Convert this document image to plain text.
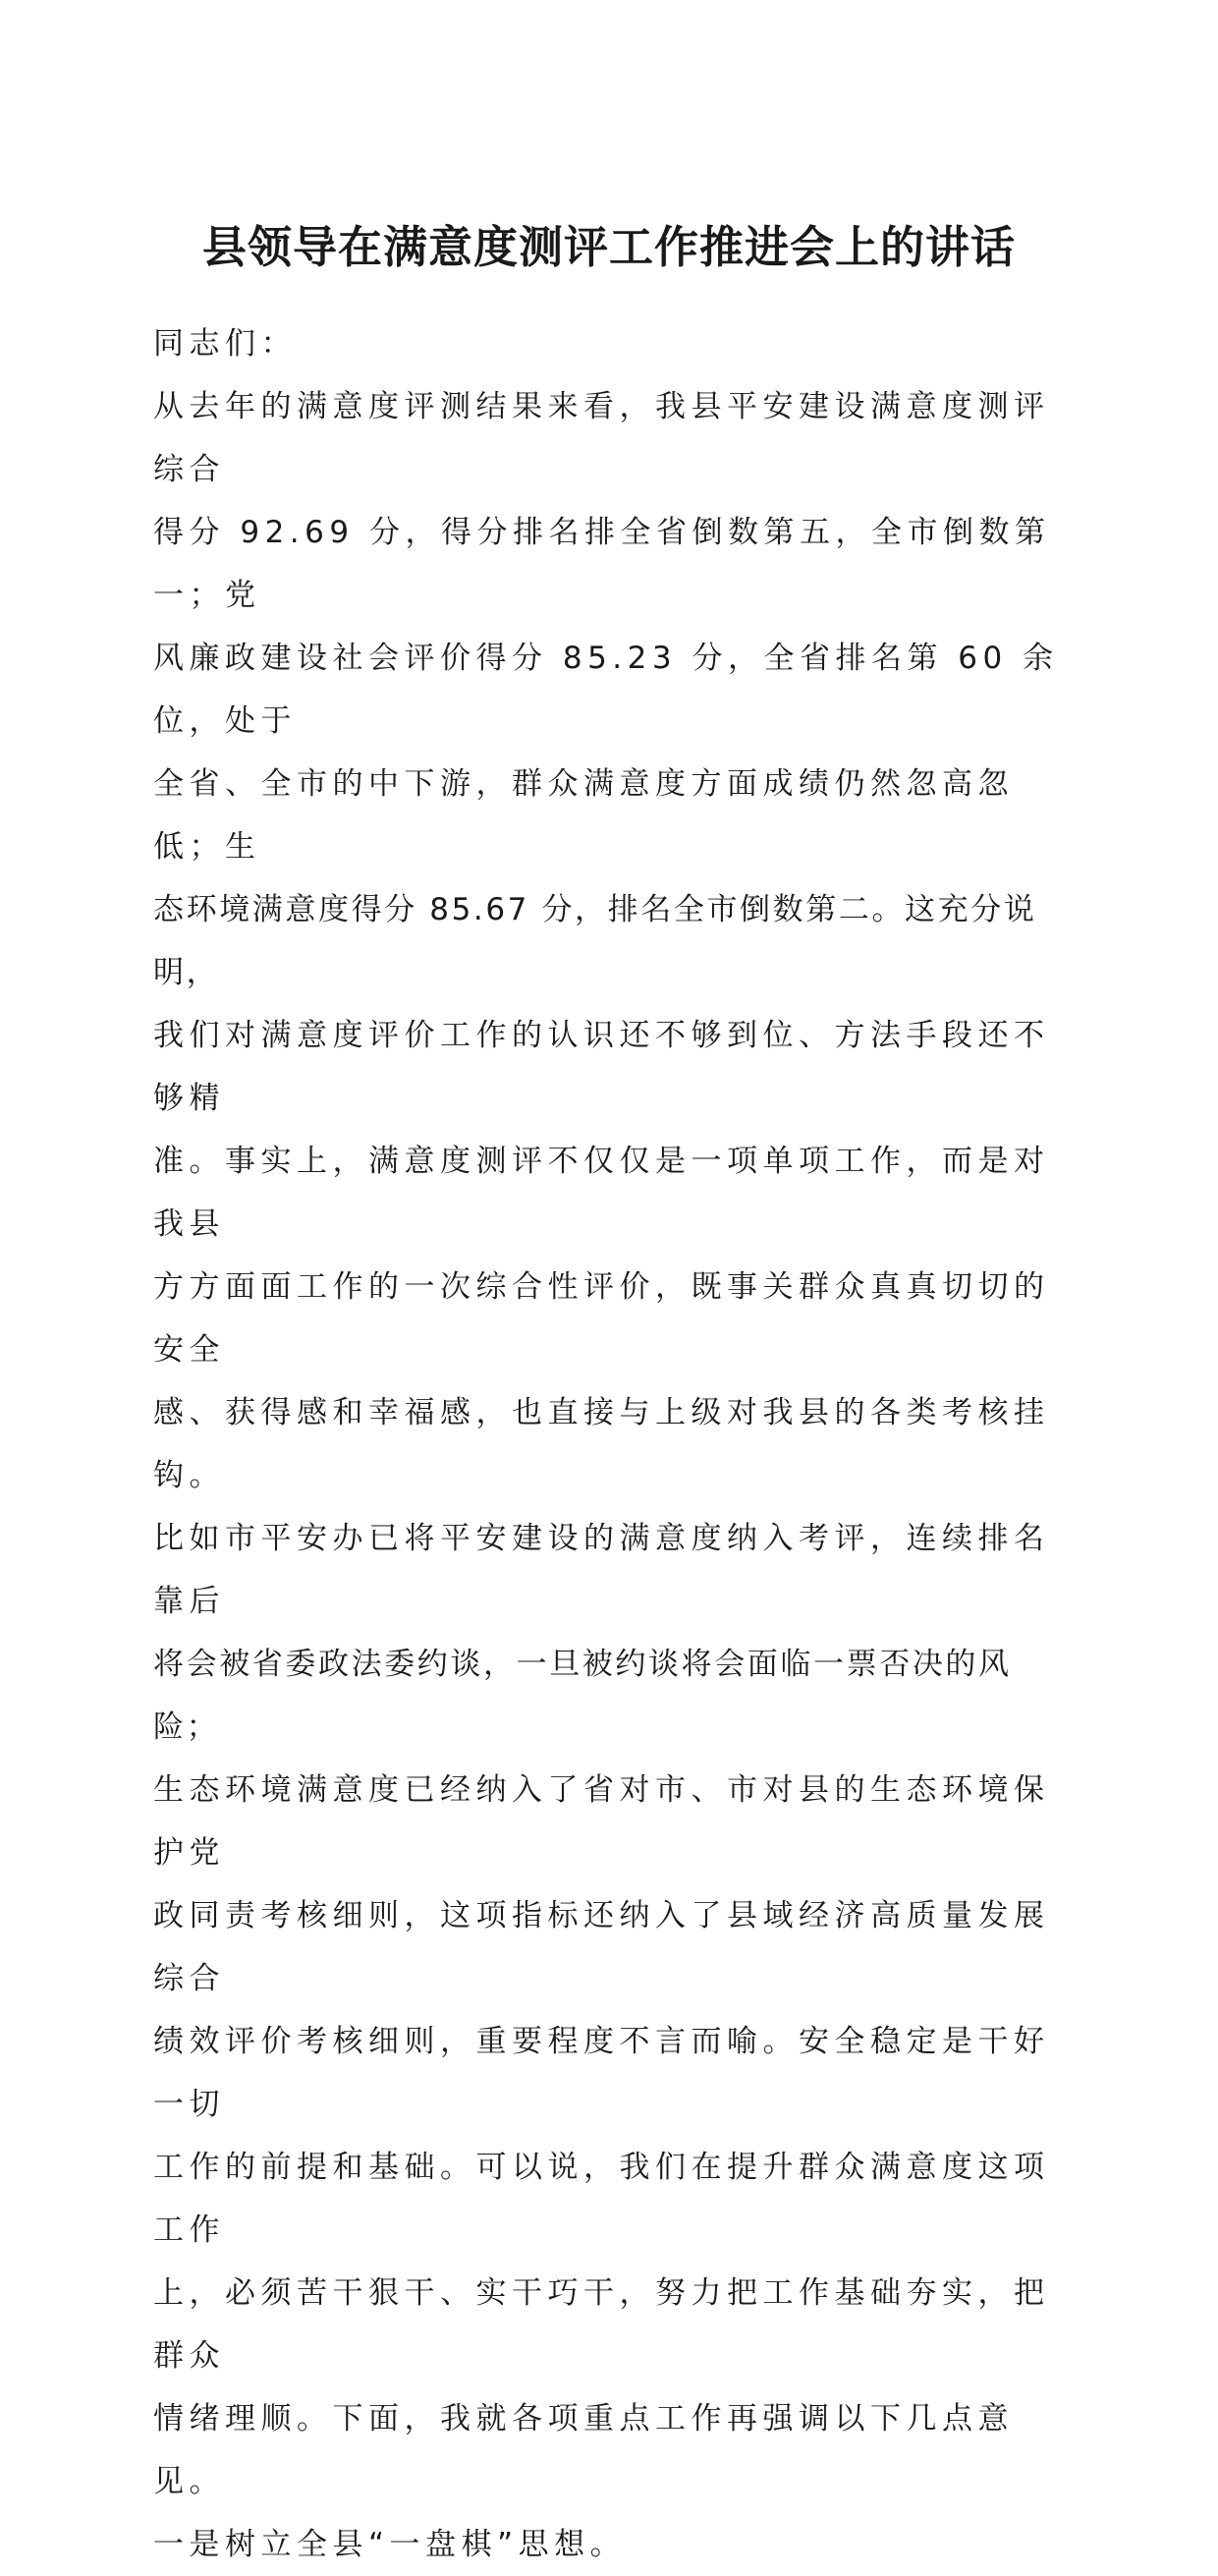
县领导在满意度测评工作推进会上的讲话
同志们：
从去年的满意度评测结果来看，我县平安建设满意度测评综合
得分 92.69 分，得分排名排全省倒数第五，全市倒数第一；党
风廉政建设社会评价得分 85.23 分，全省排名第 60 余位，处于
全省、全市的中下游，群众满意度方面成绩仍然忽高忽低；生
态环境满意度得分 85.67 分，排名全市倒数第二。这充分说明，
我们对满意度评价工作的认识还不够到位、方法手段还不够精
准。事实上，满意度测评不仅仅是一项单项工作，而是对我县
方方面面工作的一次综合性评价，既事关群众真真切切的安全
感、获得感和幸福感，也直接与上级对我县的各类考核挂钩。
比如市平安办已将平安建设的满意度纳入考评，连续排名靠后
将会被省委政法委约谈，一旦被约谈将会面临一票否决的风险；
生态环境满意度已经纳入了省对市、市对县的生态环境保护党
政同责考核细则，这项指标还纳入了县域经济高质量发展综合
绩效评价考核细则，重要程度不言而喻。安全稳定是干好一切
工作的前提和基础。可以说，我们在提升群众满意度这项工作
上，必须苦干狠干、实干巧干，努力把工作基础夯实，把群众
情绪理顺。下面，我就各项重点工作再强调以下几点意见。
一是树立全县“一盘棋”思想。
